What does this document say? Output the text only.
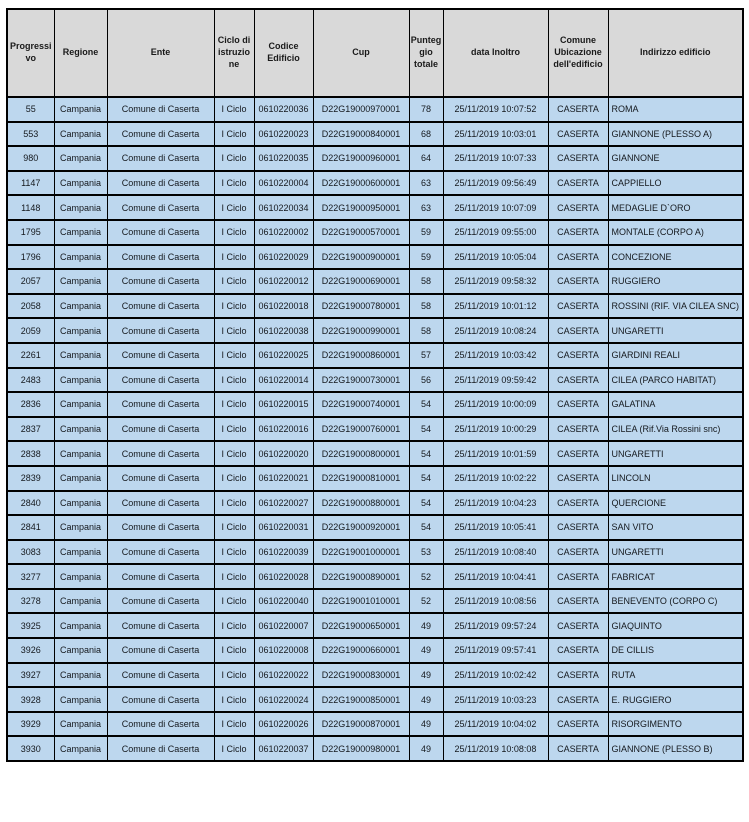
Progressivo	Regione	Ente	Ciclo di istruzione	Codice Edificio	Cup	Punteggio totale	data Inoltro	Comune Ubicazione dell'edificio	Indirizzo edificio
55	Campania	Comune di Caserta	I Ciclo	0610220036	D22G19000970001	78	25/11/2019 10:07:52	CASERTA	ROMA
553	Campania	Comune di Caserta	I Ciclo	0610220023	D22G19000840001	68	25/11/2019 10:03:01	CASERTA	GIANNONE (PLESSO A)
980	Campania	Comune di Caserta	I Ciclo	0610220035	D22G19000960001	64	25/11/2019 10:07:33	CASERTA	GIANNONE
1147	Campania	Comune di Caserta	I Ciclo	0610220004	D22G19000600001	63	25/11/2019 09:56:49	CASERTA	CAPPIELLO
1148	Campania	Comune di Caserta	I Ciclo	0610220034	D22G19000950001	63	25/11/2019 10:07:09	CASERTA	MEDAGLIE D`ORO
1795	Campania	Comune di Caserta	I Ciclo	0610220002	D22G19000570001	59	25/11/2019 09:55:00	CASERTA	MONTALE (CORPO A)
1796	Campania	Comune di Caserta	I Ciclo	0610220029	D22G19000900001	59	25/11/2019 10:05:04	CASERTA	CONCEZIONE
2057	Campania	Comune di Caserta	I Ciclo	0610220012	D22G19000690001	58	25/11/2019 09:58:32	CASERTA	RUGGIERO
2058	Campania	Comune di Caserta	I Ciclo	0610220018	D22G19000780001	58	25/11/2019 10:01:12	CASERTA	ROSSINI (RIF. VIA CILEA SNC)
2059	Campania	Comune di Caserta	I Ciclo	0610220038	D22G19000990001	58	25/11/2019 10:08:24	CASERTA	UNGARETTI
2261	Campania	Comune di Caserta	I Ciclo	0610220025	D22G19000860001	57	25/11/2019 10:03:42	CASERTA	GIARDINI REALI
2483	Campania	Comune di Caserta	I Ciclo	0610220014	D22G19000730001	56	25/11/2019 09:59:42	CASERTA	CILEA (PARCO HABITAT)
2836	Campania	Comune di Caserta	I Ciclo	0610220015	D22G19000740001	54	25/11/2019 10:00:09	CASERTA	GALATINA
2837	Campania	Comune di Caserta	I Ciclo	0610220016	D22G19000760001	54	25/11/2019 10:00:29	CASERTA	CILEA (Rif.Via Rossini snc)
2838	Campania	Comune di Caserta	I Ciclo	0610220020	D22G19000800001	54	25/11/2019 10:01:59	CASERTA	UNGARETTI
2839	Campania	Comune di Caserta	I Ciclo	0610220021	D22G19000810001	54	25/11/2019 10:02:22	CASERTA	LINCOLN
2840	Campania	Comune di Caserta	I Ciclo	0610220027	D22G19000880001	54	25/11/2019 10:04:23	CASERTA	QUERCIONE
2841	Campania	Comune di Caserta	I Ciclo	0610220031	D22G19000920001	54	25/11/2019 10:05:41	CASERTA	SAN VITO
3083	Campania	Comune di Caserta	I Ciclo	0610220039	D22G19001000001	53	25/11/2019 10:08:40	CASERTA	UNGARETTI
3277	Campania	Comune di Caserta	I Ciclo	0610220028	D22G19000890001	52	25/11/2019 10:04:41	CASERTA	FABRICAT
3278	Campania	Comune di Caserta	I Ciclo	0610220040	D22G19001010001	52	25/11/2019 10:08:56	CASERTA	BENEVENTO (CORPO C)
3925	Campania	Comune di Caserta	I Ciclo	0610220007	D22G19000650001	49	25/11/2019 09:57:24	CASERTA	GIAQUINTO
3926	Campania	Comune di Caserta	I Ciclo	0610220008	D22G19000660001	49	25/11/2019 09:57:41	CASERTA	DE CILLIS
3927	Campania	Comune di Caserta	I Ciclo	0610220022	D22G19000830001	49	25/11/2019 10:02:42	CASERTA	RUTA
3928	Campania	Comune di Caserta	I Ciclo	0610220024	D22G19000850001	49	25/11/2019 10:03:23	CASERTA	E. RUGGIERO
3929	Campania	Comune di Caserta	I Ciclo	0610220026	D22G19000870001	49	25/11/2019 10:04:02	CASERTA	RISORGIMENTO
3930	Campania	Comune di Caserta	I Ciclo	0610220037	D22G19000980001	49	25/11/2019 10:08:08	CASERTA	GIANNONE (PLESSO B)
